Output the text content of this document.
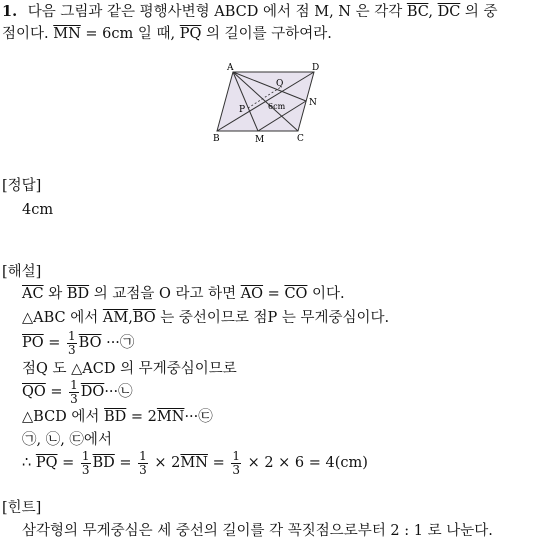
1. 다음 그림과 같은 평행사변형 ABCD 에서 점 M, N 은 각각 $\overline{BC}$, $\overline{DC}$ 의 중
점이다. $\overline{MN} = 6cm$ 일 때, $\overline{PQ}$ 의 길이를 구하여라.
A	D
B	C
M
N
P
Q
6cm
[정답]
4cm
[해설]
$\overline{AC}$ 와 $\overline{BD}$ 의 교점을 O 라고 하면 $\overline{AO} = \overline{CO}$ 이다.
△ABC 에서 $\overline{AM},\overline{BO}$ 는 중선이므로 점P 는 무게중심이다.
$\overline{PO} = \frac{1}{3} \overline{BO}$ ···㉠
점Q 도 △ACD 의 무게중심이므로
$\overline{QO} = \frac{1}{3}$ $\overline{DO}\cdot\cdot\cdot㉡$
△BCD 에서 $\overline{BD}$ = $2\overline{MN}\cdot\cdot\cdot㉢$
㉠, ㉡, ㉢에서
∴ $\overline{PQ} = \frac{1}{3} \overline{BD} = \frac{1}{3} \times 2\overline{MN} = \frac{1}{3} \times 2 \times 6 = 4(cm)$
[힌트]
삼각형의 무게중심은 세 중선의 길이를 각 꼭짓점으로부터 2 : 1 로 나눈다.
